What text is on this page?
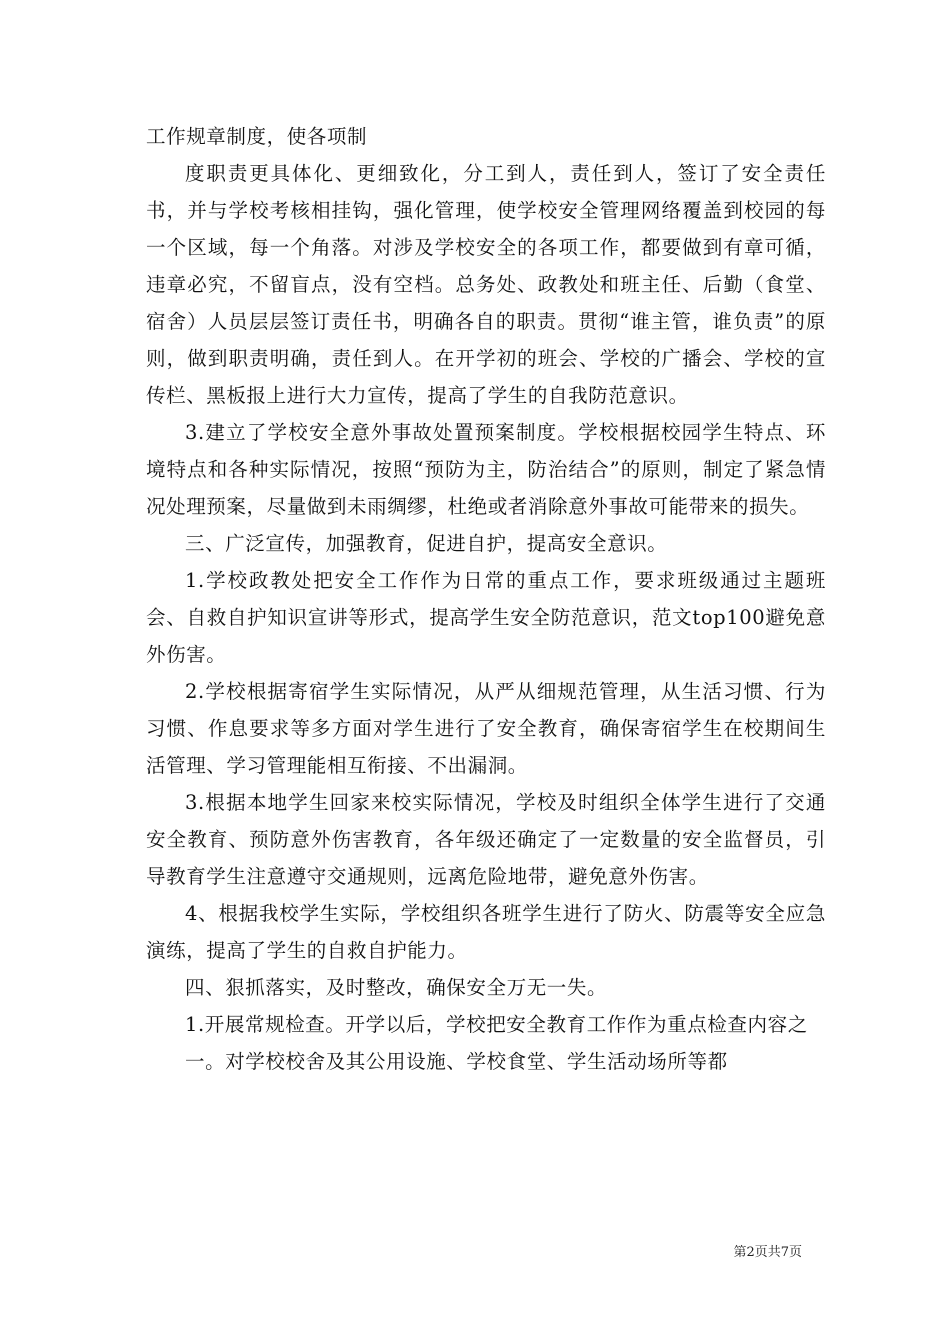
工作规章制度，使各项制

度职责更具体化、更细致化，分工到人，责任到人，签订了安全责任书，并与学校考核相挂钩，强化管理，使学校安全管理网络覆盖到校园的每一个区域，每一个角落。对涉及学校安全的各项工作，都要做到有章可循，违章必究，不留盲点，没有空档。总务处、政教处和班主任、后勤（食堂、宿舍）人员层层签订责任书，明确各自的职责。贯彻“谁主管，谁负责”的原则，做到职责明确，责任到人。在开学初的班会、学校的广播会、学校的宣传栏、黑板报上进行大力宣传，提高了学生的自我防范意识。

3.建立了学校安全意外事故处置预案制度。学校根据校园学生特点、环境特点和各种实际情况，按照“预防为主，防治结合”的原则，制定了紧急情况处理预案，尽量做到未雨绸缪，杜绝或者消除意外事故可能带来的损失。

三、广泛宣传，加强教育，促进自护，提高安全意识。

1.学校政教处把安全工作作为日常的重点工作，要求班级通过主题班会、自救自护知识宣讲等形式，提高学生安全防范意识，范文top100避免意外伤害。

2.学校根据寄宿学生实际情况，从严从细规范管理，从生活习惯、行为习惯、作息要求等多方面对学生进行了安全教育，确保寄宿学生在校期间生活管理、学习管理能相互衔接、不出漏洞。

3.根据本地学生回家来校实际情况，学校及时组织全体学生进行了交通安全教育、预防意外伤害教育，各年级还确定了一定数量的安全监督员，引导教育学生注意遵守交通规则，远离危险地带，避免意外伤害。

4、根据我校学生实际，学校组织各班学生进行了防火、防震等安全应急演练，提高了学生的自救自护能力。

四、狠抓落实，及时整改，确保安全万无一失。

1.开展常规检查。开学以后，学校把安全教育工作作为重点检查内容之

一。对学校校舍及其公用设施、学校食堂、学生活动场所等都

第2页共7页
